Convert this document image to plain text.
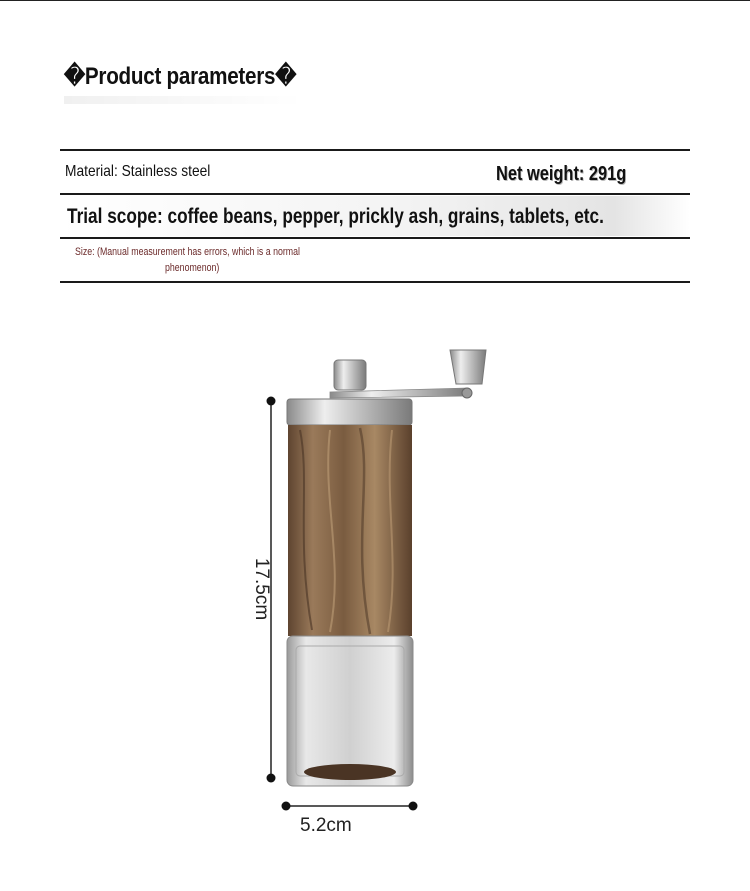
�Product parameters�
Material: Stainless steel	Net weight: 291g
Trial scope: coffee beans, pepper, prickly ash, grains, tablets, etc.
Size: (Manual measurement has errors, which is a normal
phenomenon)
17.5cm
5.2cm
